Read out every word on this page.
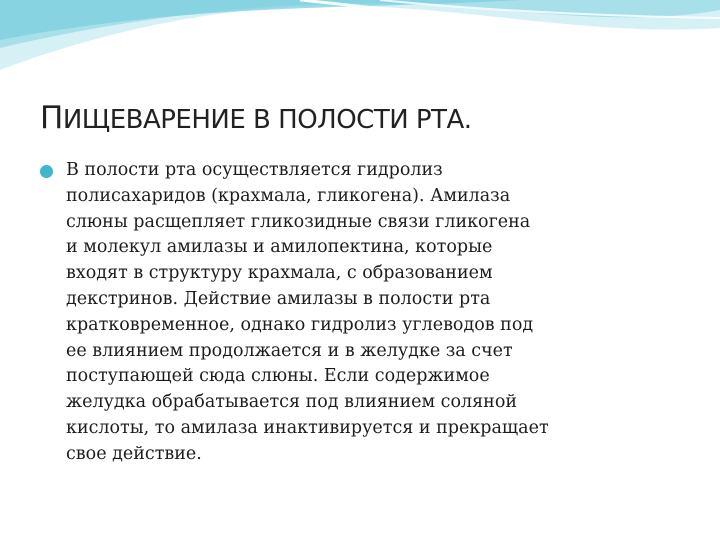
ПИЩЕВАРЕНИЕ В ПОЛОСТИ РТА.

В полости рта осуществляется гидролиз
полисахаридов (крахмала, гликогена). Амилаза
слюны расщепляет гликозидные связи гликогена
и молекул амилазы и амилопектина, которые
входят в структуру крахмала, с образованием
декстринов. Действие амилазы в полости рта
кратковременное, однако гидролиз углеводов под
ее влиянием продолжается и в желудке за счет
поступающей сюда слюны. Если содержимое
желудка обрабатывается под влиянием соляной
кислоты, то амилаза инактивируется и прекращает
свое действие.
